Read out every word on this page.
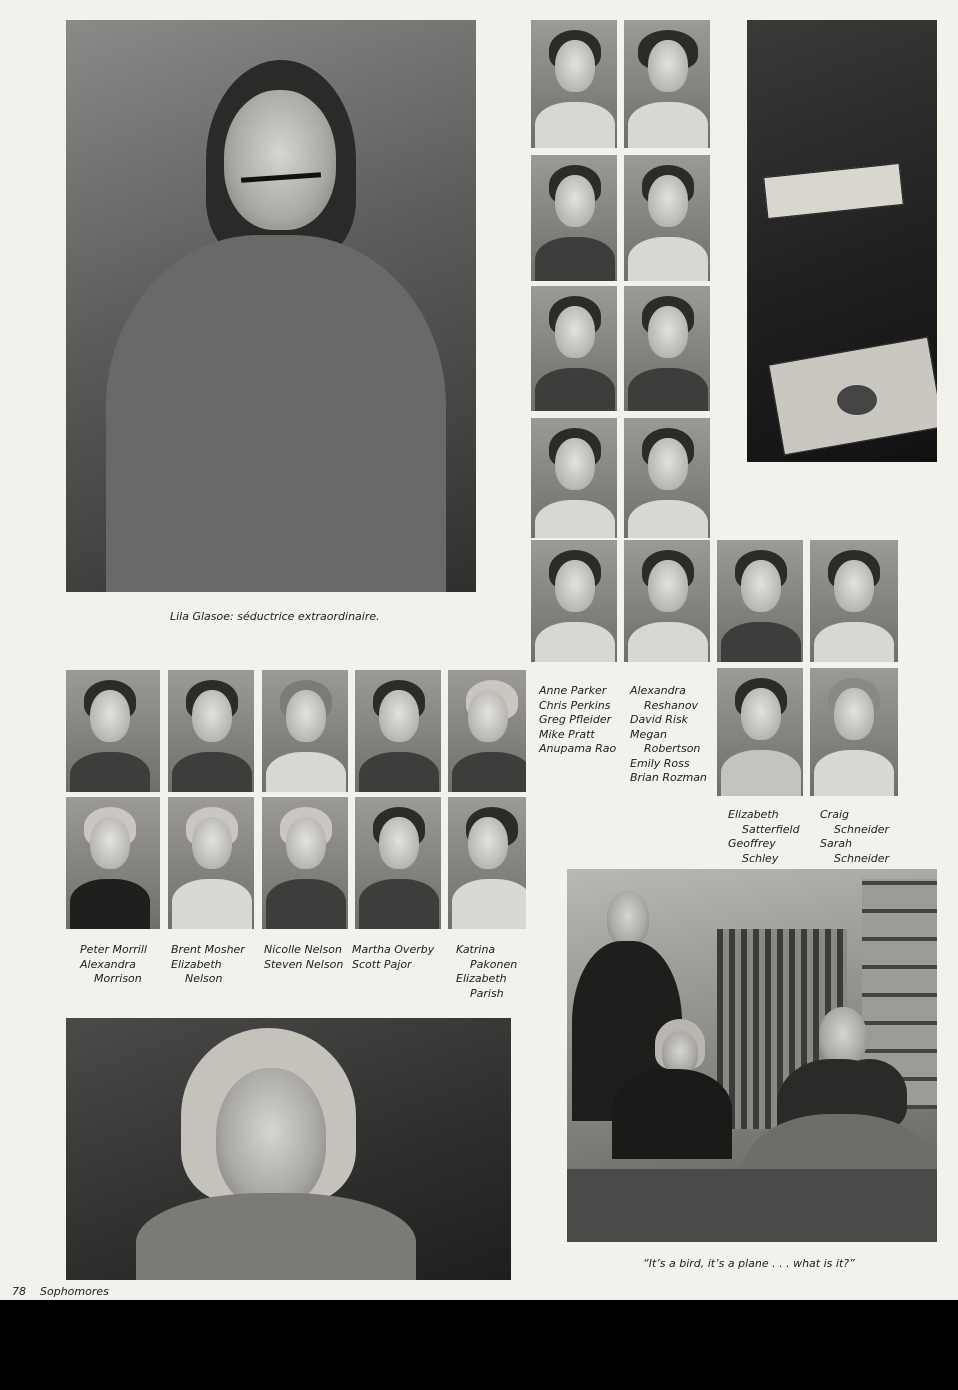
Lila Glasoe: séductrice extraordinaire.
Anne Parker
Chris Perkins
Greg Pfleider
Mike Pratt
Anupama Rao
Alexandra
Reshanov
David Risk
Megan
Robertson
Emily Ross
Brian Rozman
Elizabeth
Satterfield
Geoffrey
Schley
Craig
Schneider
Sarah
Schneider
Peter Morrill
Alexandra
Morrison
Brent Mosher
Elizabeth
Nelson
Nicolle Nelson
Steven Nelson
Martha Overby
Scott Pajor
Katrina
Pakonen
Elizabeth
Parish
“It’s a bird, it’s a plane . . . what is it?”
78 Sophomores
